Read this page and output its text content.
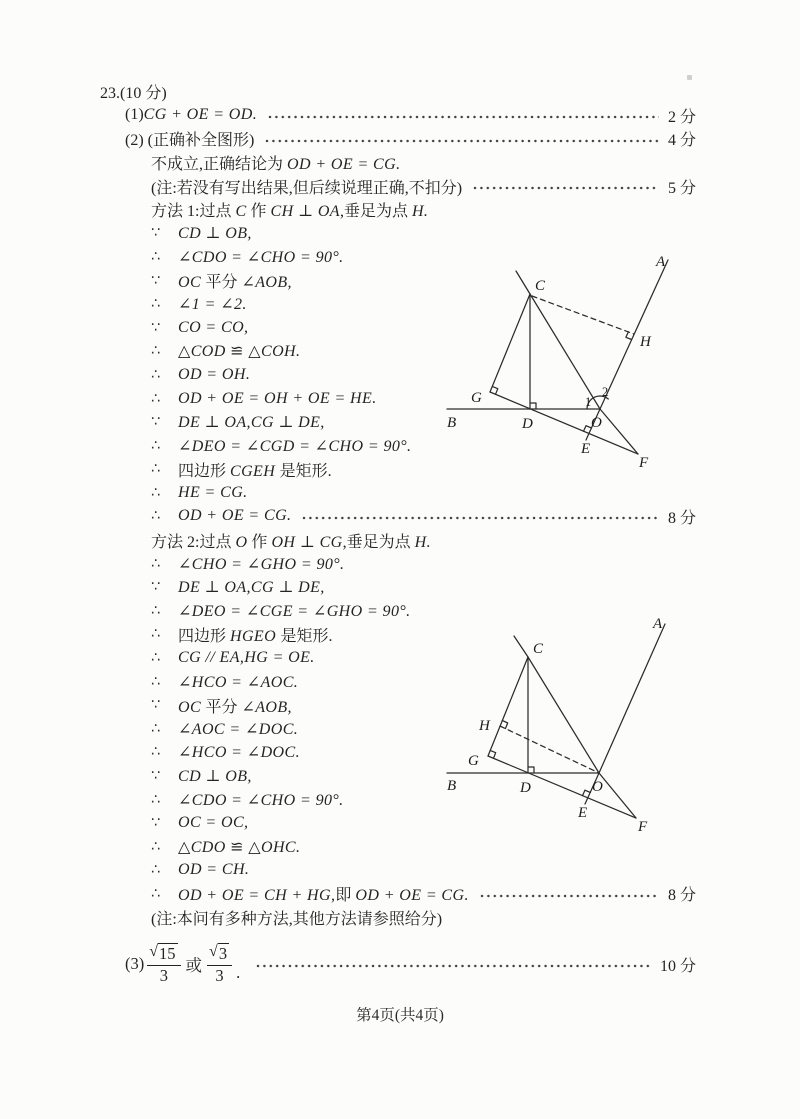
23.(10 分)
(1)CG + OE = OD.	2 分
(2) (正确补全图形)	4 分
不成立,正确结论为 OD + OE = CG.
(注:若没有写出结果,但后续说理正确,不扣分)	5 分
方法 1:过点 C 作 CH ⊥ OA,垂足为点 H.
∵	CD ⊥ OB,
∴	∠CDO = ∠CHO = 90°.
∵	OC 平分 ∠AOB,
∴	∠1 = ∠2.
∵	CO = CO,
∴	△COD ≌ △COH.
∴	OD = OH.
∴	OD + OE = OH + OE = HE.
∵	DE ⊥ OA,CG ⊥ DE,
∴	∠DEO = ∠CGD = ∠CHO = 90°.
∴	四边形 CGEH 是矩形.
∴	HE = CG.
∴	OD + OE = CG.	8 分
方法 2:过点 O 作 OH ⊥ CG,垂足为点 H.
∴	∠CHO = ∠GHO = 90°.
∵	DE ⊥ OA,CG ⊥ DE,
∴	∠DEO = ∠CGE = ∠GHO = 90°.
∴	四边形 HGEO 是矩形.
∴	CG // EA,HG = OE.
∴	∠HCO = ∠AOC.
∵	OC 平分 ∠AOB,
∴	∠AOC = ∠DOC.
∴	∠HCO = ∠DOC.
∵	CD ⊥ OB,
∴	∠CDO = ∠CHO = 90°.
∵	OC = OC,
∴	△CDO ≌ △OHC.
∴	OD = CH.
∴	OD + OE = CH + HG,即 OD + OE = CG.	8 分
(注:本问有多种方法,其他方法请参照给分)
$(3) \frac{√ 15}{3}$ 或 $\frac{√ 3}{3}$ .	10 分
A
C
H
G
B	D	O
E
F
1
2
A
C
H
G
B	D	O
E
F
第4页(共4页)
